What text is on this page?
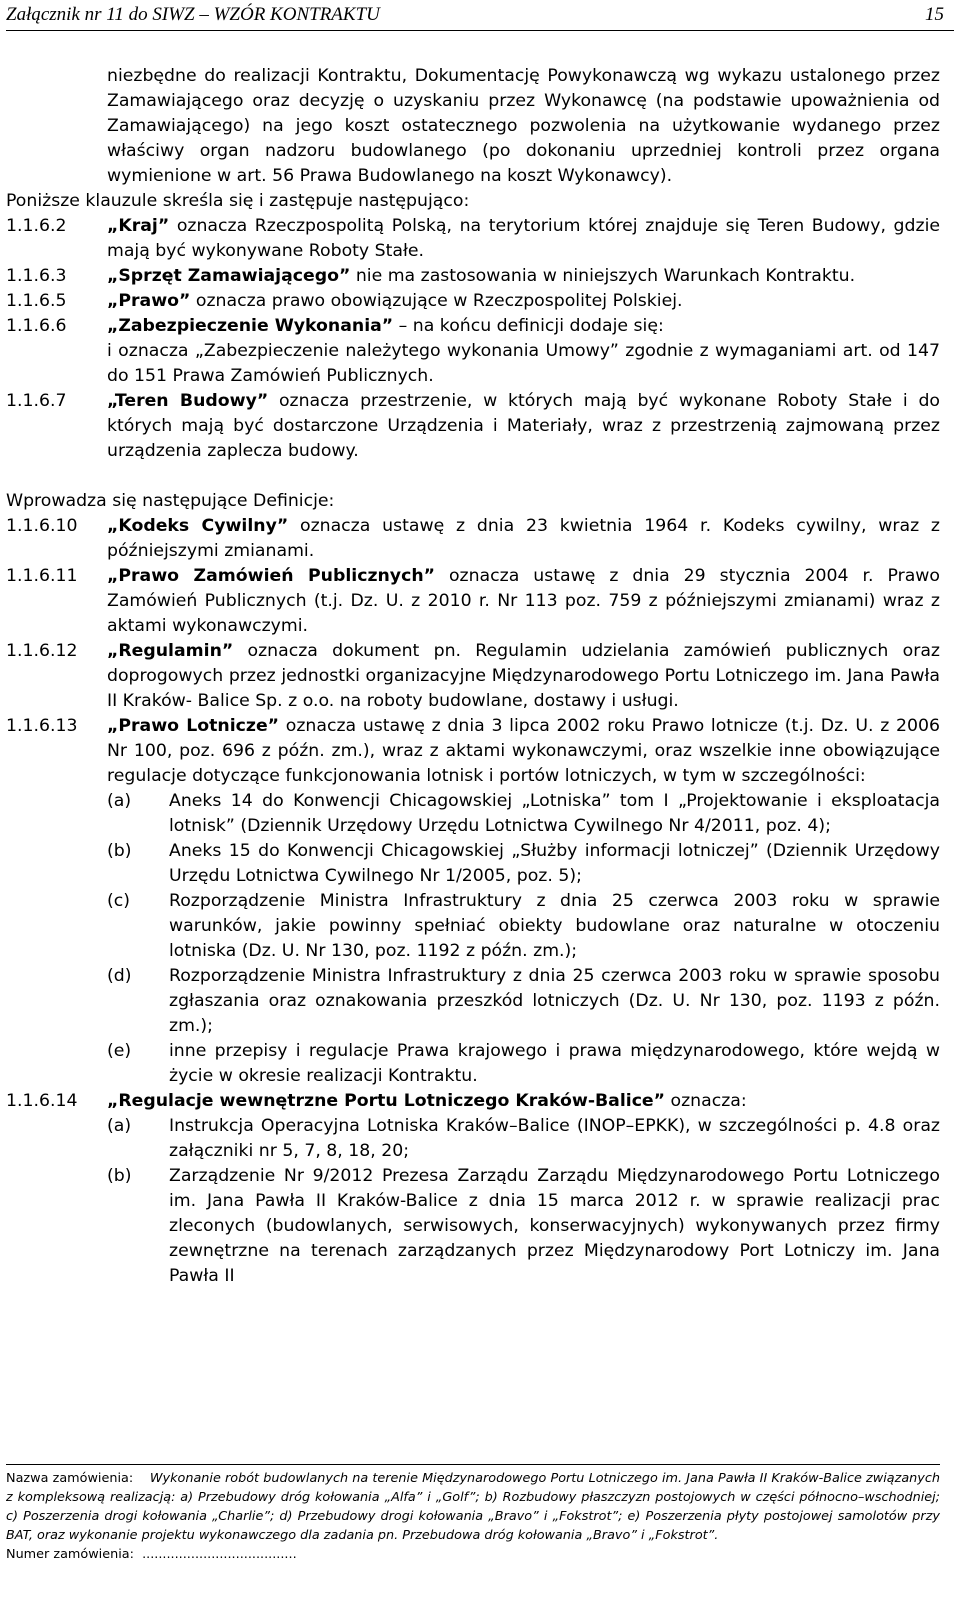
Załącznik nr 11 do SIWZ – WZÓR KONTRAKTU	15

niezbędne do realizacji Kontraktu, Dokumentację Powykonawczą wg wykazu ustalonego przez Zamawiającego oraz decyzję o uzyskaniu przez Wykonawcę (na podstawie upoważnienia od Zamawiającego) na jego koszt ostatecznego pozwolenia na użytkowanie wydanego przez właściwy organ nadzoru budowlanego (po dokonaniu uprzedniej kontroli przez organa wymienione w art. 56 Prawa Budowlanego na koszt Wykonawcy).

Poniższe klauzule skreśla się i zastępuje następująco:

1.1.6.2	„Kraj” oznacza Rzeczpospolitą Polską, na terytorium której znajduje się Teren Budowy, gdzie mają być wykonywane Roboty Stałe.
1.1.6.3	„Sprzęt Zamawiającego” nie ma zastosowania w niniejszych Warunkach Kontraktu.
1.1.6.5	„Prawo” oznacza prawo obowiązujące w Rzeczpospolitej Polskiej.
1.1.6.6	„Zabezpieczenie Wykonania” – na końcu definicji dodaje się:
i oznacza „Zabezpieczenie należytego wykonania Umowy” zgodnie z wymaganiami art. od 147 do 151 Prawa Zamówień Publicznych.
1.1.6.7	„Teren Budowy” oznacza przestrzenie, w których mają być wykonane Roboty Stałe i do których mają być dostarczone Urządzenia i Materiały, wraz z przestrzenią zajmowaną przez urządzenia zaplecza budowy.

Wprowadza się następujące Definicje:

1.1.6.10	„Kodeks Cywilny” oznacza ustawę z dnia 23 kwietnia 1964 r. Kodeks cywilny, wraz z późniejszymi zmianami.
1.1.6.11	„Prawo Zamówień Publicznych” oznacza ustawę z dnia 29 stycznia 2004 r. Prawo Zamówień Publicznych (t.j. Dz. U. z 2010 r. Nr 113 poz. 759 z późniejszymi zmianami) wraz z aktami wykonawczymi.
1.1.6.12	„Regulamin” oznacza dokument pn. Regulamin udzielania zamówień publicznych oraz doprogowych przez jednostki organizacyjne Międzynarodowego Portu Lotniczego im. Jana Pawła II Kraków- Balice Sp. z o.o. na roboty budowlane, dostawy i usługi.
1.1.6.13	„Prawo Lotnicze” oznacza ustawę z dnia 3 lipca 2002 roku Prawo lotnicze (t.j. Dz. U. z 2006 Nr 100, poz. 696 z późn. zm.), wraz z aktami wykonawczymi, oraz wszelkie inne obowiązujące regulacje dotyczące funkcjonowania lotnisk i portów lotniczych, w tym w szczególności:
(a)	Aneks 14 do Konwencji Chicagowskiej „Lotniska” tom I „Projektowanie i eksploatacja lotnisk” (Dziennik Urzędowy Urzędu Lotnictwa Cywilnego Nr 4/2011, poz. 4);
(b)	Aneks 15 do Konwencji Chicagowskiej „Służby informacji lotniczej” (Dziennik Urzędowy Urzędu Lotnictwa Cywilnego Nr 1/2005, poz. 5);
(c)	Rozporządzenie Ministra Infrastruktury z dnia 25 czerwca 2003 roku w sprawie warunków, jakie powinny spełniać obiekty budowlane oraz naturalne w otoczeniu lotniska (Dz. U. Nr 130, poz. 1192 z późn. zm.);
(d)	Rozporządzenie Ministra Infrastruktury z dnia 25 czerwca 2003 roku w sprawie sposobu zgłaszania oraz oznakowania przeszkód lotniczych (Dz. U. Nr 130, poz. 1193 z późn. zm.);
(e)	inne przepisy i regulacje Prawa krajowego i prawa międzynarodowego, które wejdą w życie w okresie realizacji Kontraktu.
1.1.6.14	„Regulacje wewnętrzne Portu Lotniczego Kraków-Balice” oznacza:
(a)	Instrukcja Operacyjna Lotniska Kraków–Balice (INOP–EPKK), w szczególności p. 4.8 oraz załączniki nr 5, 7, 8, 18, 20;
(b)	Zarządzenie Nr 9/2012 Prezesa Zarządu Zarządu Międzynarodowego Portu Lotniczego im. Jana Pawła II Kraków-Balice z dnia 15 marca 2012 r. w sprawie realizacji prac zleconych (budowlanych, serwisowych, konserwacyjnych) wykonywanych przez firmy zewnętrzne na terenach zarządzanych przez Międzynarodowy Port Lotniczy im. Jana Pawła II
Nazwa zamówienia: Wykonanie robót budowlanych na terenie Międzynarodowego Portu Lotniczego im. Jana Pawła II Kraków-Balice związanych z kompleksową realizacją: a) Przebudowy dróg kołowania „Alfa” i „Golf”; b) Rozbudowy płaszczyzn postojowych w części północno–wschodniej; c) Poszerzenia drogi kołowania „Charlie”; d) Przebudowy drogi kołowania „Bravo” i „Fokstrot”; e) Poszerzenia płyty postojowej samolotów przy BAT, oraz wykonanie projektu wykonawczego dla zadania pn. Przebudowa dróg kołowania „Bravo” i „Fokstrot”.
Numer zamówienia: ......................................
